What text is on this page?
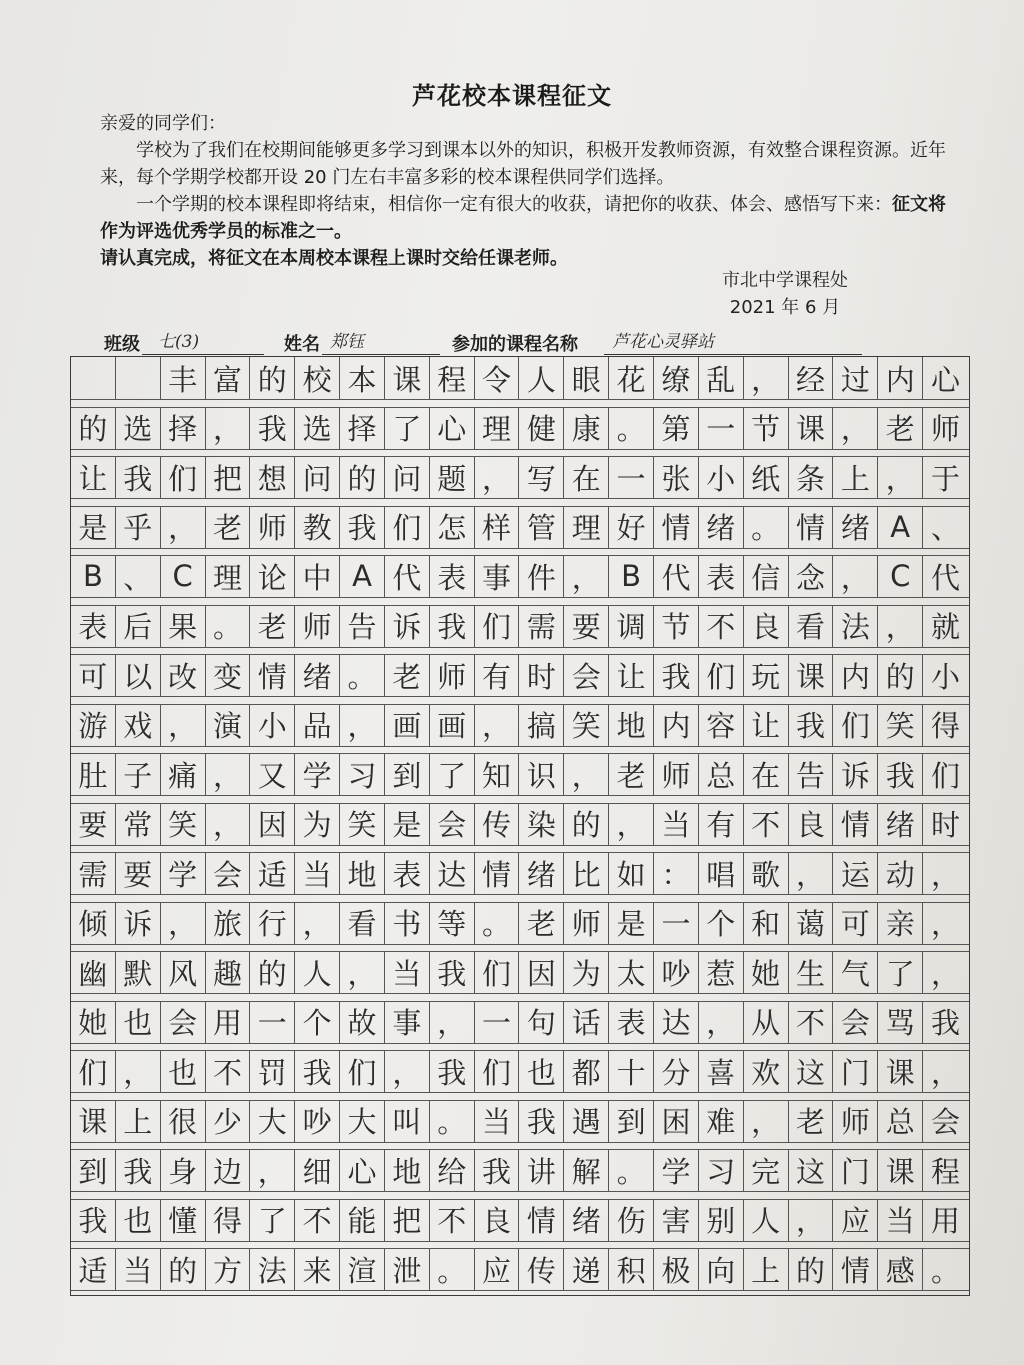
芦花校本课程征文

亲爱的同学们：

学校为了我们在校期间能够更多学习到课本以外的知识，积极开发教师资源，有效整合课程资源。近年来，每个学期学校都开设 20 门左右丰富多彩的校本课程供同学们选择。

一个学期的校本课程即将结束，相信你一定有很大的收获，请把你的收获、体会、感悟写下来：征文将作为评选优秀学员的标准之一。

请认真完成，将征文在本周校本课程上课时交给任课老师。

市北中学课程处
2021 年 6 月
班级 七(3)	姓名 郑钰	参加的课程名称 芦花心灵驿站
丰 富 的 校 本 课 程 令 人 眼 花 缭 乱 ， 经 过 内 心
的 选 择 ， 我 选 择 了 心 理 健 康 。 第 一 节 课 ， 老 师
让 我 们 把 想 问 的 问 题 ， 写 在 一 张 小 纸 条 上 ， 于
是 乎 ， 老 师 教 我 们 怎 样 管 理 好 情 绪 。 情 绪 A 、
B 、 C 理 论 中 A 代 表 事 件 ， B 代 表 信 念 ， C 代
表 后 果 。 老 师 告 诉 我 们 需 要 调 节 不 良 看 法 ， 就
可 以 改 变 情 绪 。 老 师 有 时 会 让 我 们 玩 课 内 的 小
游 戏 ， 演 小 品 ， 画 画 ， 搞 笑 地 内 容 让 我 们 笑 得
肚 子 痛 ， 又 学 习 到 了 知 识 ， 老 师 总 在 告 诉 我 们
要 常 笑 ， 因 为 笑 是 会 传 染 的 ， 当 有 不 良 情 绪 时
需 要 学 会 适 当 地 表 达 情 绪 比 如 ： 唱 歌 ， 运 动 ，
倾 诉 ， 旅 行 ， 看 书 等 。 老 师 是 一 个 和 蔼 可 亲 ，
幽 默 风 趣 的 人 ， 当 我 们 因 为 太 吵 惹 她 生 气 了 ，
她 也 会 用 一 个 故 事 ， 一 句 话 表 达 ， 从 不 会 骂 我
们 ， 也 不 罚 我 们 ， 我 们 也 都 十 分 喜 欢 这 门 课 ，
课 上 很 少 大 吵 大 叫 。 当 我 遇 到 困 难 ， 老 师 总 会
到 我 身 边 ， 细 心 地 给 我 讲 解 。 学 习 完 这 门 课 程
我 也 懂 得 了 不 能 把 不 良 情 绪 伤 害 别 人 ， 应 当 用
适 当 的 方 法 来 渲 泄 。 应 传 递 积 极 向 上 的 情 感 。
